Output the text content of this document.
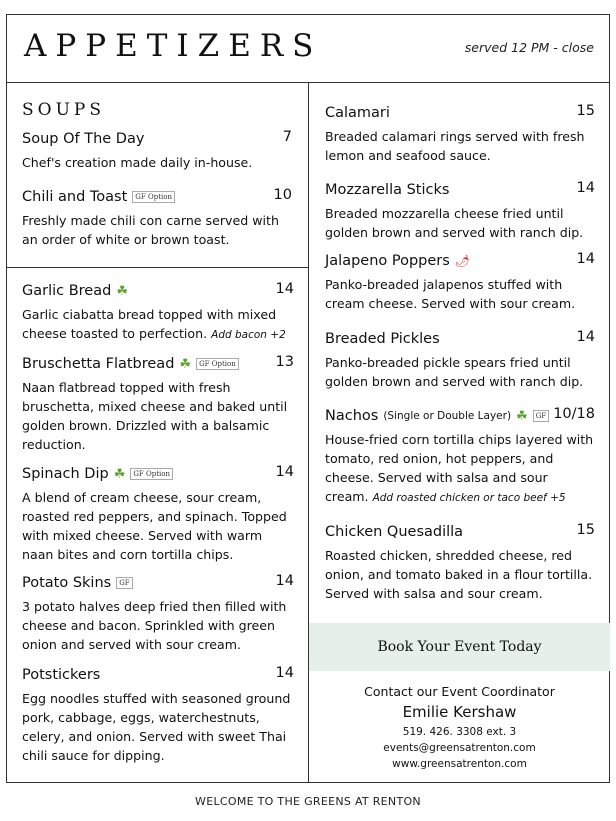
APPETIZERS	served 12 PM - close
SOUPS
Soup Of The Day	7
Chef's creation made daily in-house.
Chili and Toast	GF Option	10
Freshly made chili con carne served with an order of white or brown toast.
Garlic Bread ☘	14
Garlic ciabatta bread topped with mixed cheese toasted to perfection. Add bacon +2
Bruschetta Flatbread ☘	GF Option	13
Naan flatbread topped with fresh bruschetta, mixed cheese and baked until golden brown. Drizzled with a balsamic reduction.
Spinach Dip ☘	GF Option	14
A blend of cream cheese, sour cream, roasted red peppers, and spinach. Topped with mixed cheese. Served with warm naan bites and corn tortilla chips.
Potato Skins	GF	14
3 potato halves deep fried then filled with cheese and bacon. Sprinkled with green onion and served with sour cream.
Potstickers	14
Egg noodles stuffed with seasoned ground pork, cabbage, eggs, waterchestnuts, celery, and onion. Served with sweet Thai chili sauce for dipping.
Calamari	15
Breaded calamari rings served with fresh lemon and seafood sauce.
Mozzarella Sticks	14
Breaded mozzarella cheese fried until golden brown and served with ranch dip.
Jalapeno Poppers 🌶	14
Panko-breaded jalapenos stuffed with cream cheese. Served with sour cream.
Breaded Pickles	14
Panko-breaded pickle spears fried until golden brown and served with ranch dip.
Nachos (Single or Double Layer) ☘	GF 10/18
House-fried corn tortilla chips layered with tomato, red onion, hot peppers, and cheese. Served with salsa and sour cream. Add roasted chicken or taco beef +5
Chicken Quesadilla	15
Roasted chicken, shredded cheese, red onion, and tomato baked in a flour tortilla. Served with salsa and sour cream.
Book Your Event Today
Contact our Event Coordinator
Emilie Kershaw
519. 426. 3308 ext. 3
events@greensatrenton.com
www.greensatrenton.com
WELCOME TO THE GREENS AT RENTON
